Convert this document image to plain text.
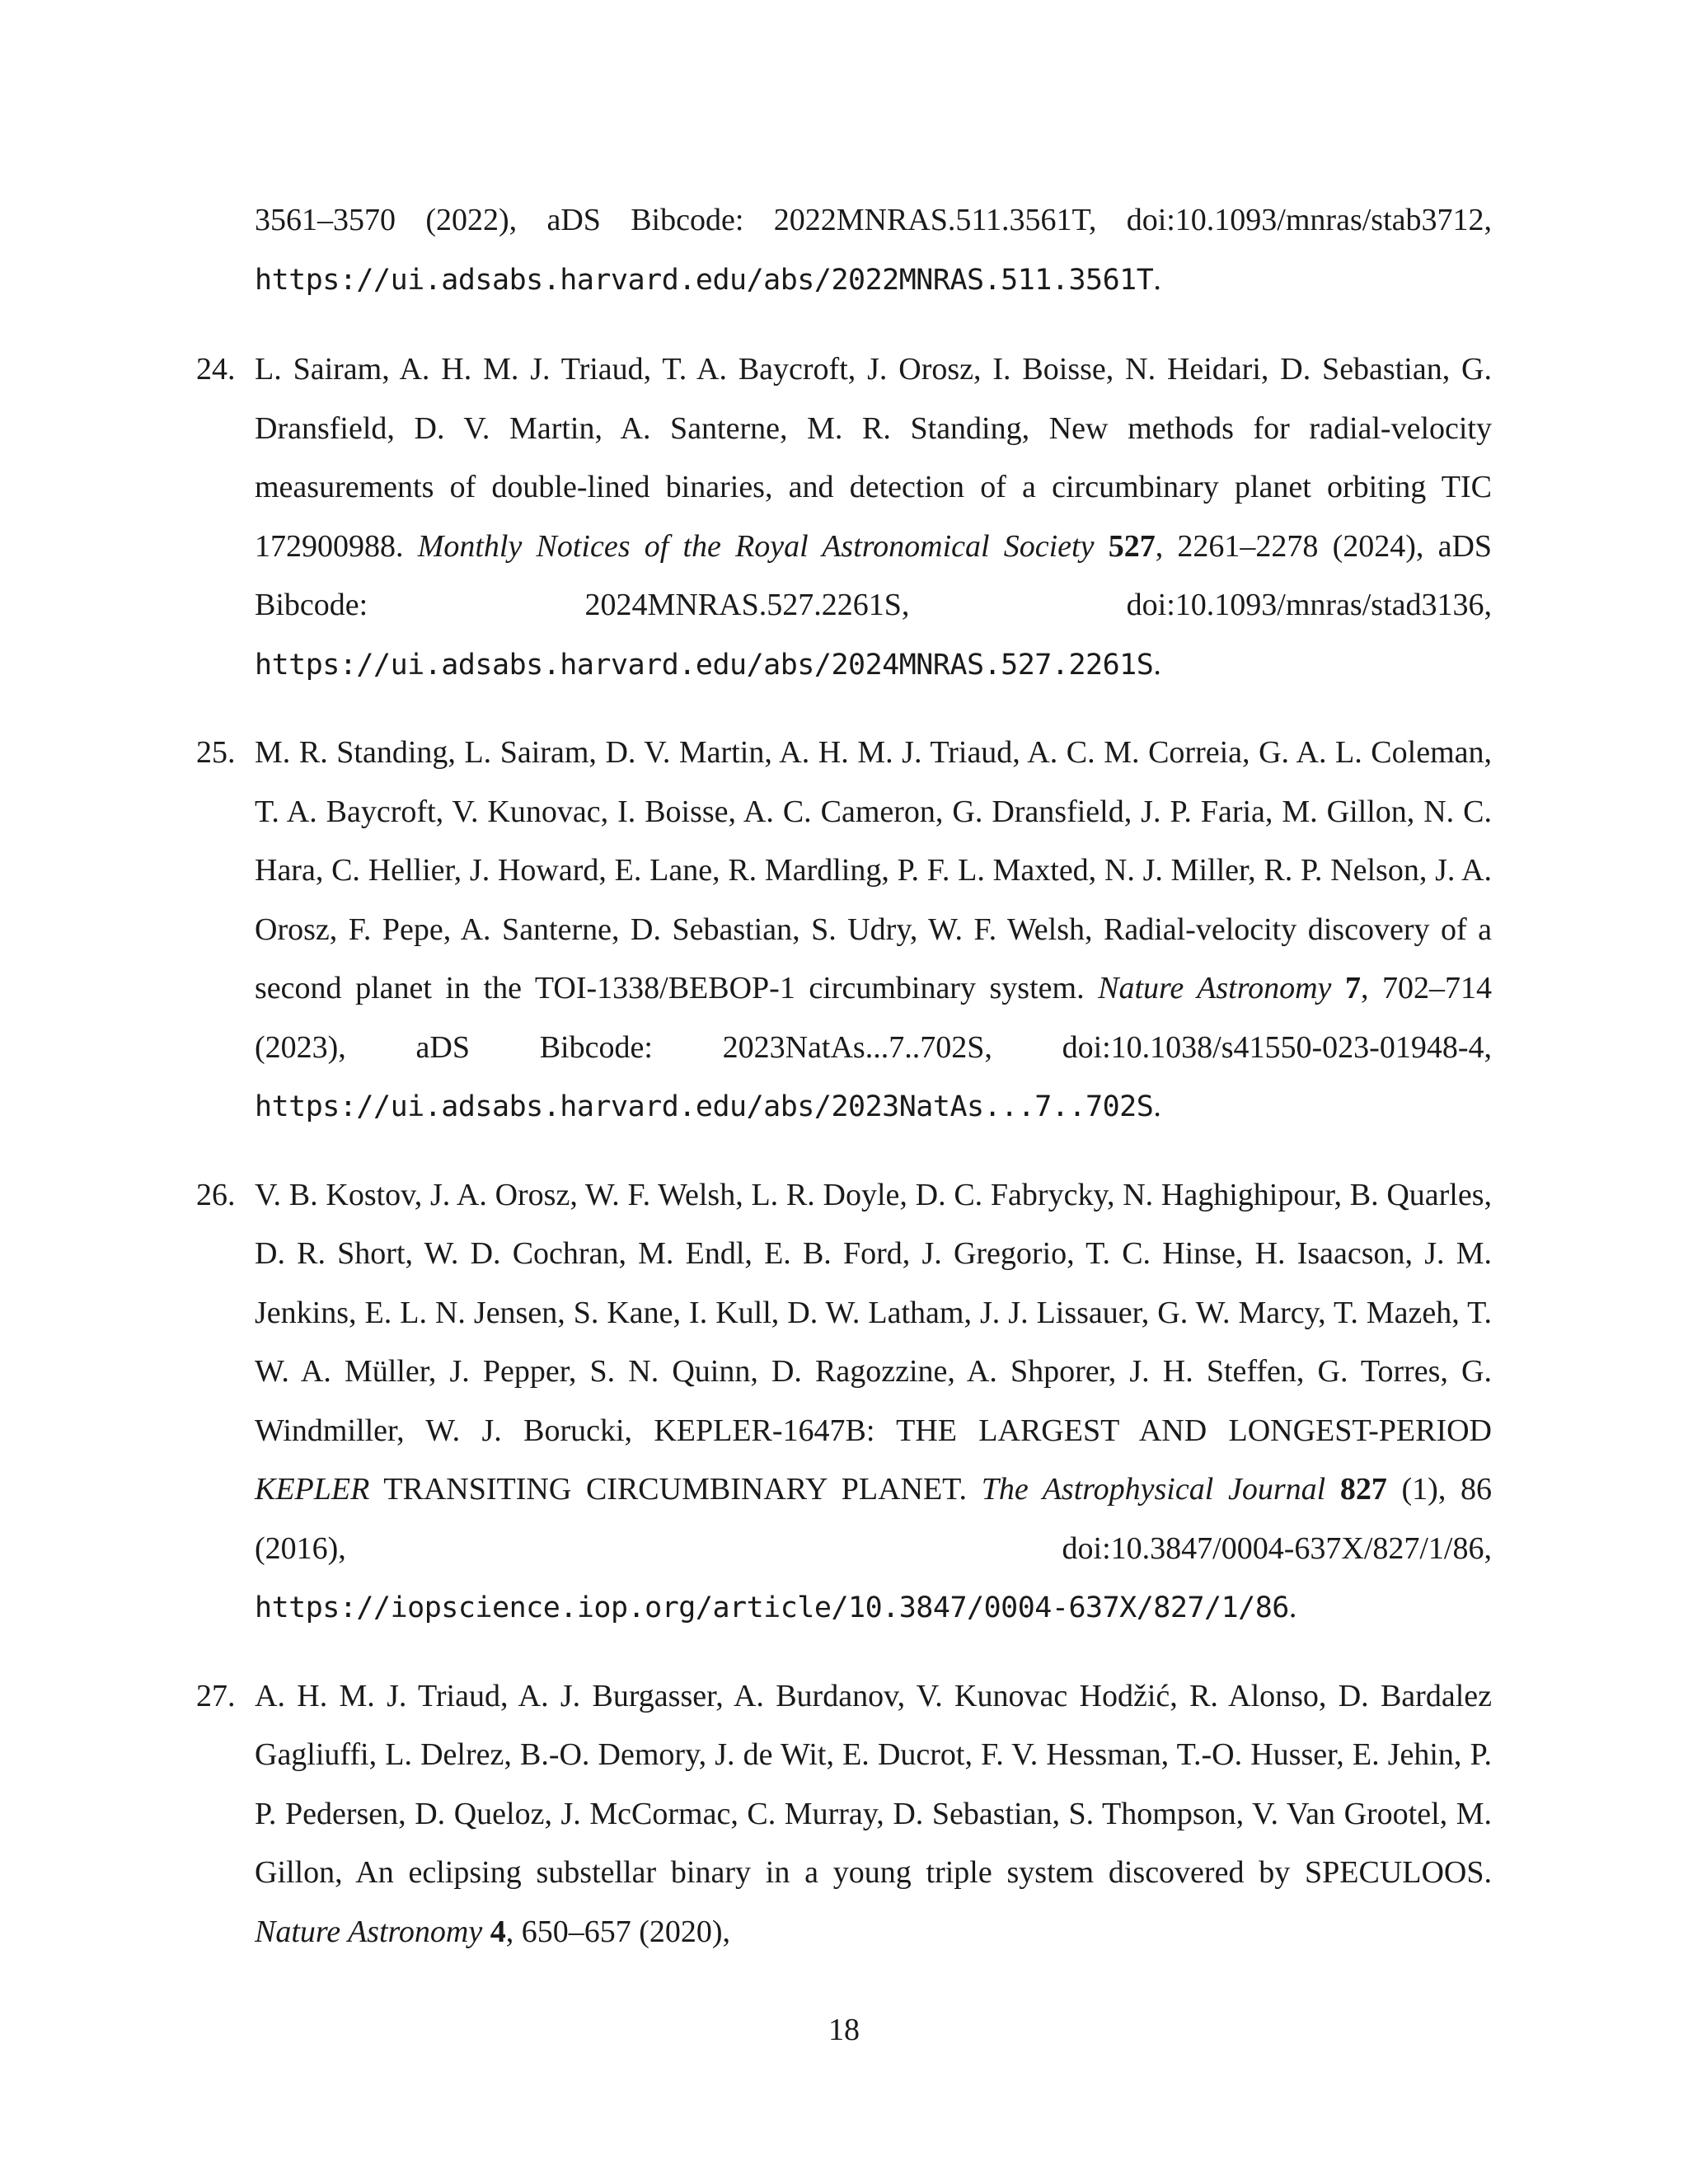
3561–3570 (2022), aDS Bibcode: 2022MNRAS.511.3561T, doi:10.1093/mnras/stab3712, https://ui.adsabs.harvard.edu/abs/2022MNRAS.511.3561T.
24. L. Sairam, A. H. M. J. Triaud, T. A. Baycroft, J. Orosz, I. Boisse, N. Heidari, D. Sebastian, G. Dransfield, D. V. Martin, A. Santerne, M. R. Standing, New methods for radial-velocity measurements of double-lined binaries, and detection of a circumbinary planet orbiting TIC 172900988. Monthly Notices of the Royal Astronomical Society 527, 2261–2278 (2024), aDS Bibcode: 2024MNRAS.527.2261S, doi:10.1093/mnras/stad3136, https://ui.adsabs.harvard.edu/abs/2024MNRAS.527.2261S.
25. M. R. Standing, L. Sairam, D. V. Martin, A. H. M. J. Triaud, A. C. M. Correia, G. A. L. Coleman, T. A. Baycroft, V. Kunovac, I. Boisse, A. C. Cameron, G. Dransfield, J. P. Faria, M. Gillon, N. C. Hara, C. Hellier, J. Howard, E. Lane, R. Mardling, P. F. L. Maxted, N. J. Miller, R. P. Nelson, J. A. Orosz, F. Pepe, A. Santerne, D. Sebastian, S. Udry, W. F. Welsh, Radial-velocity discovery of a second planet in the TOI-1338/BEBOP-1 circumbinary system. Nature Astronomy 7, 702–714 (2023), aDS Bibcode: 2023NatAs...7..702S, doi:10.1038/s41550-023-01948-4, https://ui.adsabs.harvard.edu/abs/2023NatAs...7..702S.
26. V. B. Kostov, J. A. Orosz, W. F. Welsh, L. R. Doyle, D. C. Fabrycky, N. Haghighipour, B. Quarles, D. R. Short, W. D. Cochran, M. Endl, E. B. Ford, J. Gregorio, T. C. Hinse, H. Isaacson, J. M. Jenkins, E. L. N. Jensen, S. Kane, I. Kull, D. W. Latham, J. J. Lissauer, G. W. Marcy, T. Mazeh, T. W. A. Müller, J. Pepper, S. N. Quinn, D. Ragozzine, A. Shporer, J. H. Steffen, G. Torres, G. Windmiller, W. J. Borucki, KEPLER-1647B: THE LARGEST AND LONGEST-PERIOD KEPLER TRANSITING CIRCUMBINARY PLANET. The Astrophysical Journal 827 (1), 86 (2016), doi:10.3847/0004-637X/827/1/86, https://iopscience.iop.org/article/10.3847/0004-637X/827/1/86.
27. A. H. M. J. Triaud, A. J. Burgasser, A. Burdanov, V. Kunovac Hodžić, R. Alonso, D. Bardalez Gagliuffi, L. Delrez, B.-O. Demory, J. de Wit, E. Ducrot, F. V. Hessman, T.-O. Husser, E. Jehin, P. P. Pedersen, D. Queloz, J. McCormac, C. Murray, D. Sebastian, S. Thompson, V. Van Grootel, M. Gillon, An eclipsing substellar binary in a young triple system discovered by SPECULOOS. Nature Astronomy 4, 650–657 (2020),
18
